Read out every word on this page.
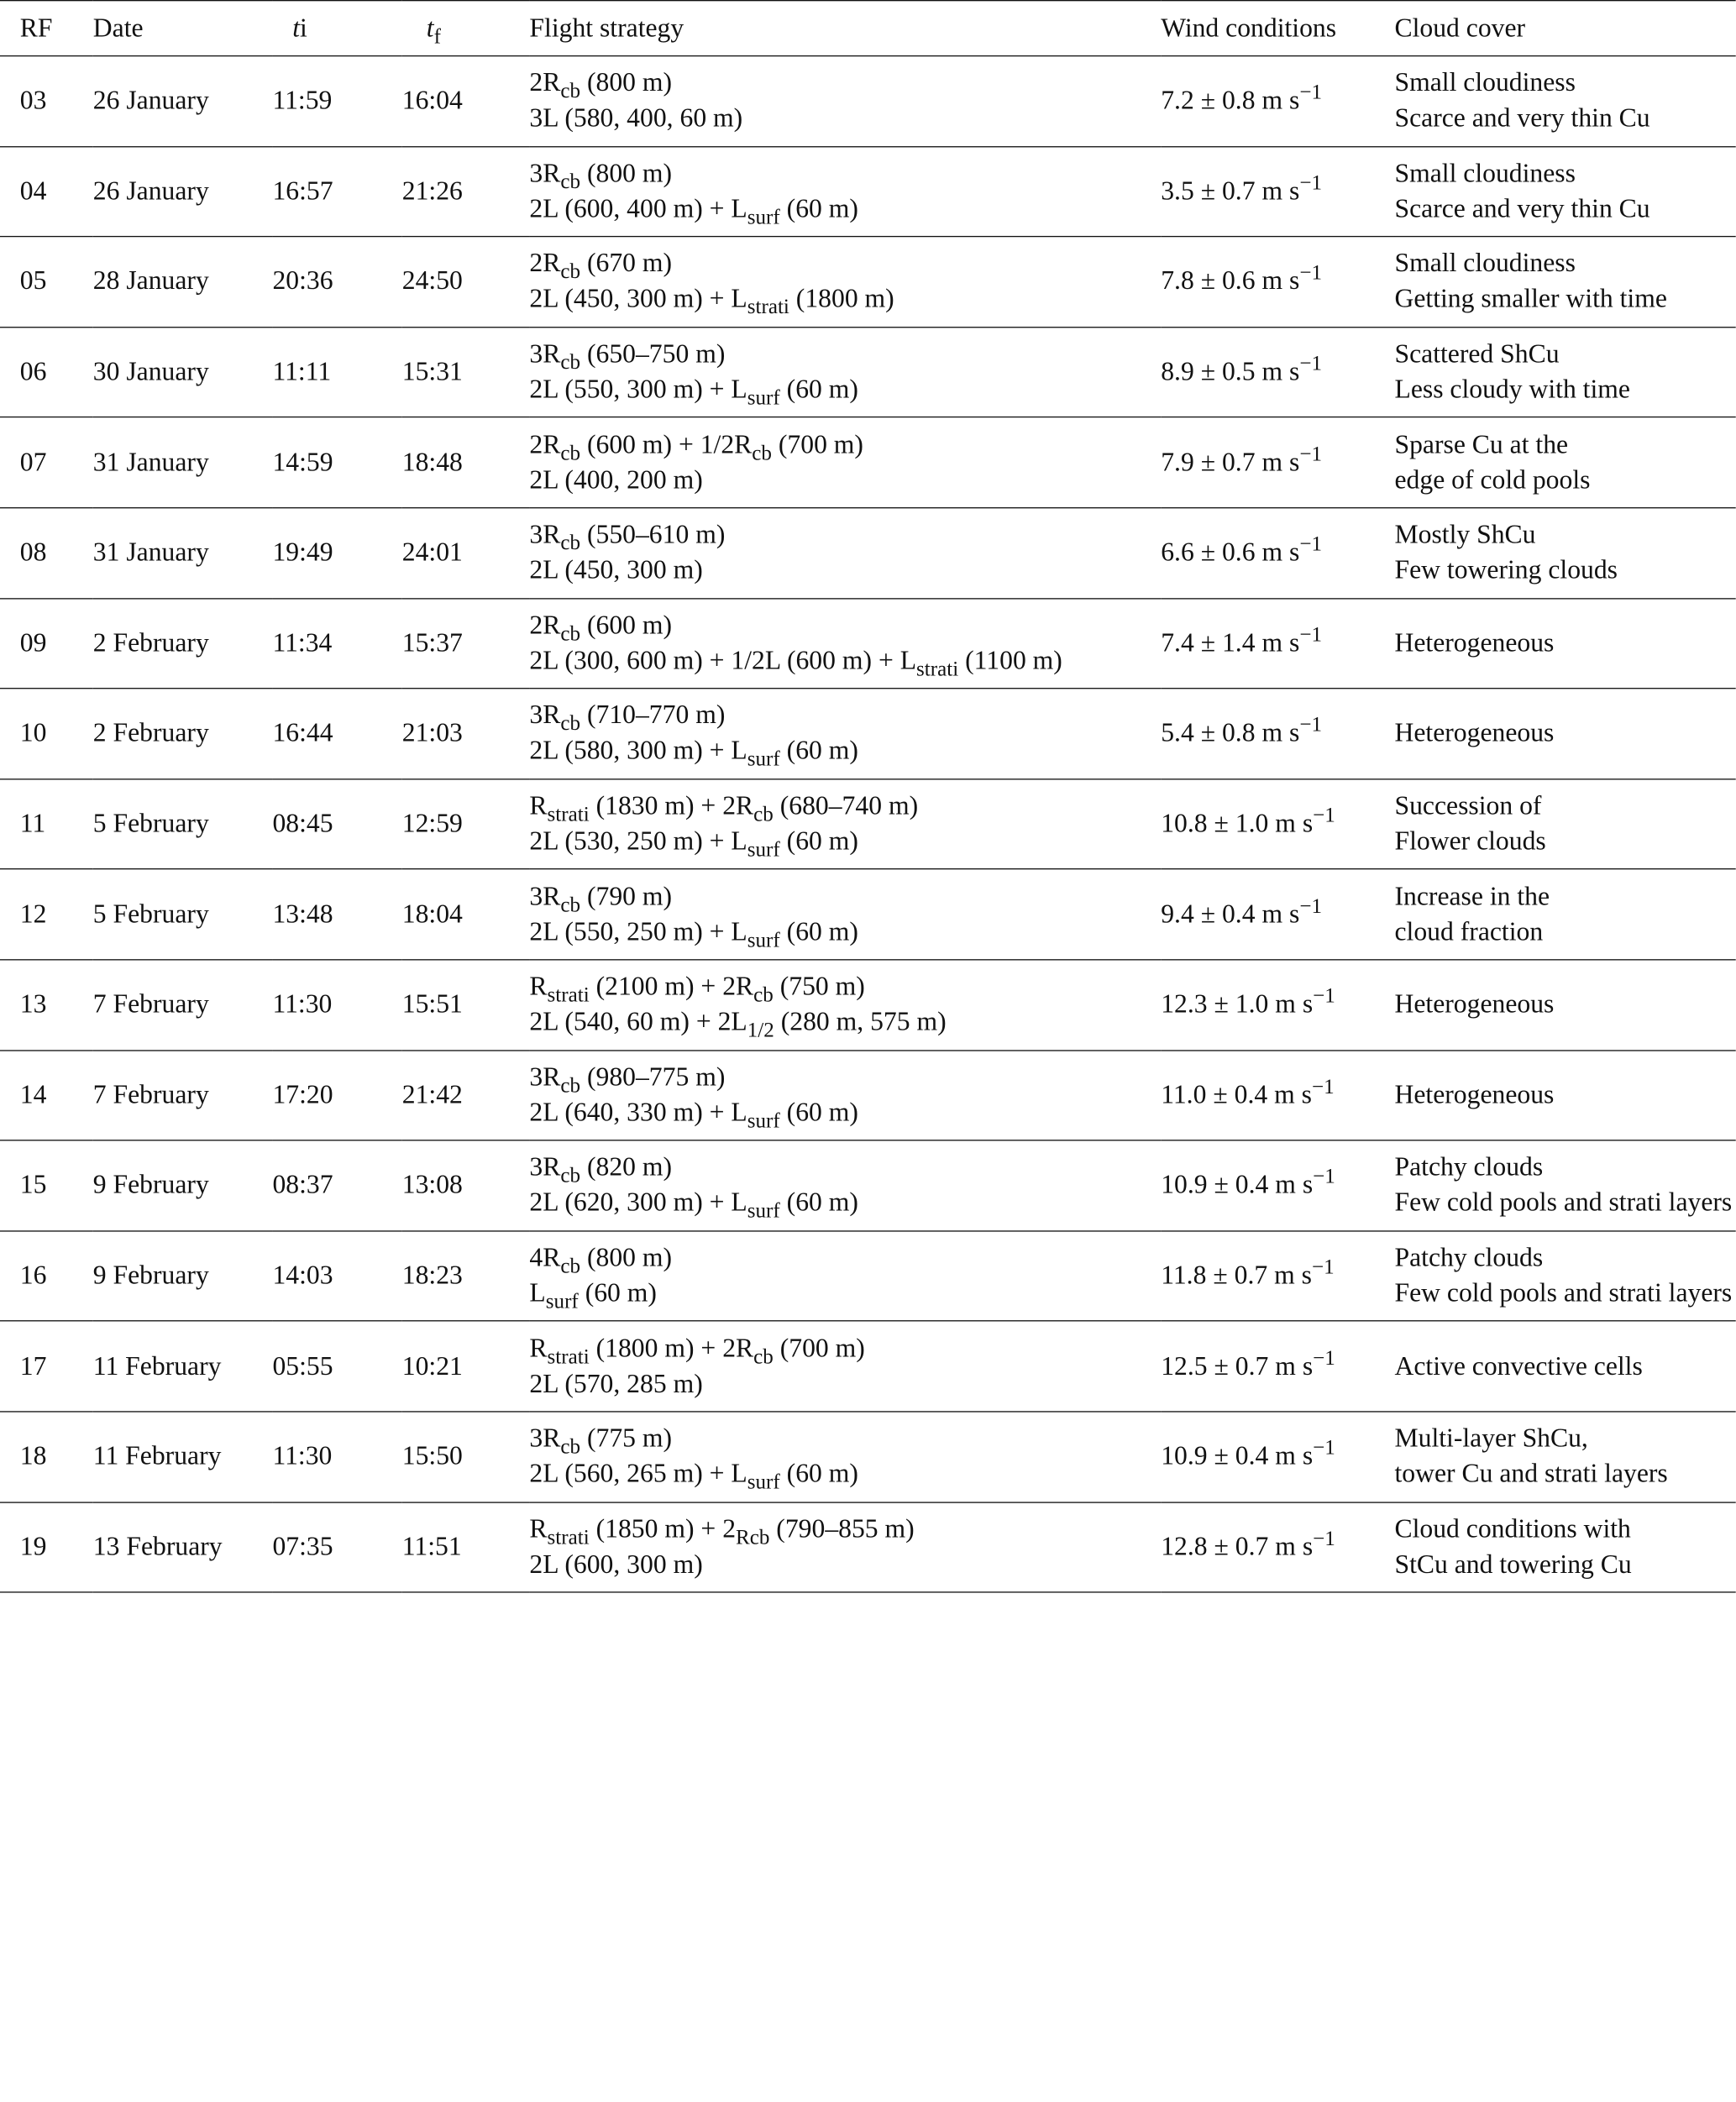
RF	Date	ti	$t_f$	Flight strategy	Wind conditions	Cloud cover
03	26 January	11:59	16:04	$2R_{cb}$ (800 m)
3L (580, 400, 60 m)	7.2 ± 0.8 m $s^{-1}$	Small cloudiness
Scarce and very thin Cu

04	26 January	16:57	21:26	$3R_{cb}$ (800 m)
2L (600, 400 $m) + L_{surf}$ (60 m)	3.5 ± 0.7 m $s^{-1}$	Small cloudiness
Scarce and very thin Cu

05	28 January	20:36	24:50	$2R_{cb}$ (670 m)
2L (450, 300 $m) + L_{strati}$ (1800 m)	7.8 ± 0.6 m $s^{-1}$	Small cloudiness
Getting smaller with time

06	30 January	11:11	15:31	$3R_{cb}$ (650–750 m)
2L (550, 300 $m) + L_{surf}$ (60 m)	8.9 ± 0.5 m $s^{-1}$	Scattered ShCu
Less cloudy with time

07	31 January	14:59	18:48	$2R_{cb}$ (600 $m) + 1/2R_{cb}$ (700 m)
2L (400, 200 m)	7.9 ± 0.7 m $s^{-1}$	Sparse Cu at the
edge of cold pools

08	31 January	19:49	24:01	$3R_{cb}$ (550–610 m)
2L (450, 300 m)	6.6 ± 0.6 m $s^{-1}$	Mostly ShCu
Few towering clouds

09	2 February	11:34	15:37	$2R_{cb}$ (600 m)
2L (300, 600 m) + 1/2L (600 $m) + L_{strati}$ (1100 m)	7.4 ± 1.4 m $s^{-1}$	Heterogeneous

10	2 February	16:44	21:03	$3R_{cb}$ (710–770 m)
2L (580, 300 $m) + L_{surf}$ (60 m)	5.4 ± 0.8 m $s^{-1}$	Heterogeneous

11	5 February	08:45	12:59	$R_{strati}$ (1830 $m) + 2R_{cb}$ (680–740 m)
2L (530, 250 $m) + L_{surf}$ (60 m)	10.8 ± 1.0 m $s^{-1}$	Succession of
Flower clouds

12	5 February	13:48	18:04	$3R_{cb}$ (790 m)
2L (550, 250 $m) + L_{surf}$ (60 m)	9.4 ± 0.4 m $s^{-1}$	Increase in the
cloud fraction

13	7 February	11:30	15:51	$R_{strati}$ (2100 $m) + 2R_{cb}$ (750 m)
2L (540, 60 $m) + 2L_{1/2}$ (280 m, 575 m)	12.3 ± 1.0 m $s^{-1}$	Heterogeneous

14	7 February	17:20	21:42	$3R_{cb}$ (980–775 m)
2L (640, 330 $m) + L_{surf}$ (60 m)	11.0 ± 0.4 m $s^{-1}$	Heterogeneous

15	9 February	08:37	13:08	$3R_{cb}$ (820 m)
2L (620, 300 $m) + L_{surf}$ (60 m)	10.9 ± 0.4 m $s^{-1}$	Patchy clouds
Few cold pools and strati layers

16	9 February	14:03	18:23	$4R_{cb}$ (800 m)
$L_{surf}$ (60 m)	11.8 ± 0.7 m $s^{-1}$	Patchy clouds
Few cold pools and strati layers

17	11 February	05:55	10:21	$R_{strati}$ (1800 $m) + 2R_{cb}$ (700 m)
2L (570, 285 m)	12.5 ± 0.7 m $s^{-1}$	Active convective cells

18	11 February	11:30	15:50	$3R_{cb}$ (775 m)
2L (560, 265 $m) + L_{surf}$ (60 m)	10.9 ± 0.4 m $s^{-1}$	Multi-layer ShCu,
tower Cu and strati layers

19	13 February	07:35	11:51	$R_{strati}$ (1850 $m) + 2_{Rcb}$ (790–855 m)
2L (600, 300 m)	12.8 ± 0.7 m $s^{-1}$	Cloud conditions with
StCu and towering Cu
